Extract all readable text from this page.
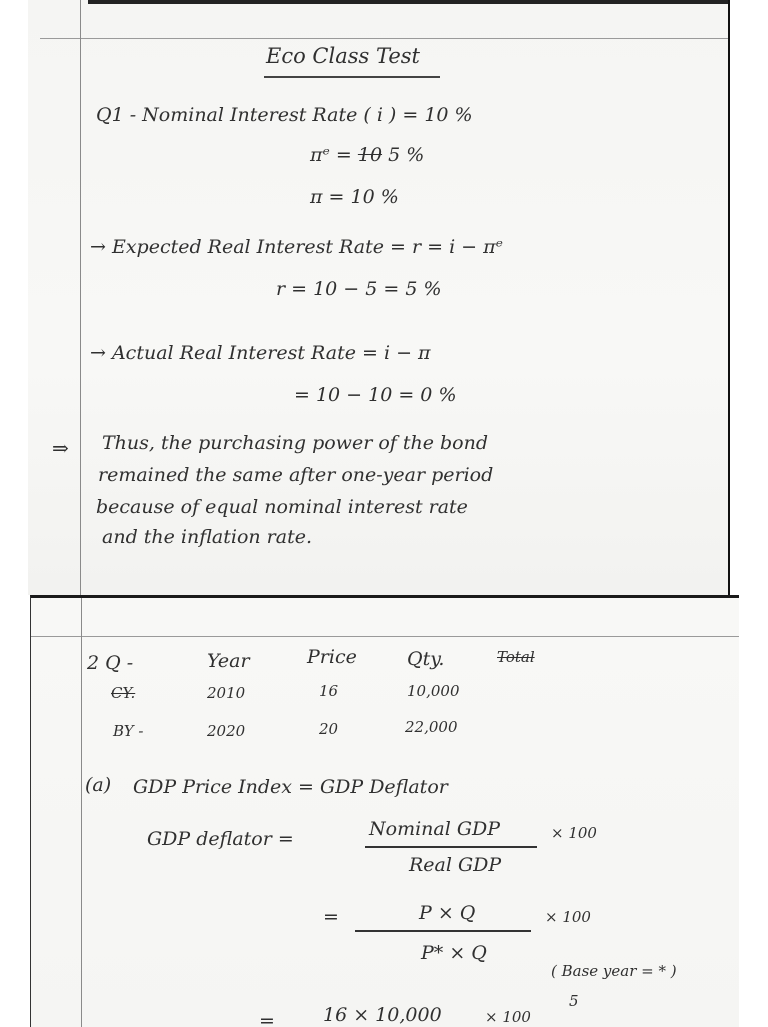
Eco Class Test
Q1 - Nominal Interest Rate ( i ) = 10 %
πᵉ = 10 5 %
π = 10 %
→ Expected Real Interest Rate = r = i − πᵉ
r = 10 − 5 = 5 %
→ Actual Real Interest Rate = i − π
= 10 − 10 = 0 %
⇒ Thus, the purchasing power of the bond
remained the same after one-year period
because of equal nominal interest rate
and the inflation rate.
2 Q -	Year	Price	Qty.	Total
CY.	2010	16	10,000
BY -	2020	20	22,000
(a) GDP Price Index = GDP Deflator
GDP deflator =	Nominal GDP
Real GDP
× 100
=	P × Q
P* × Q
× 100
( Base year = * )
5
=	16 × 10,000	× 100
